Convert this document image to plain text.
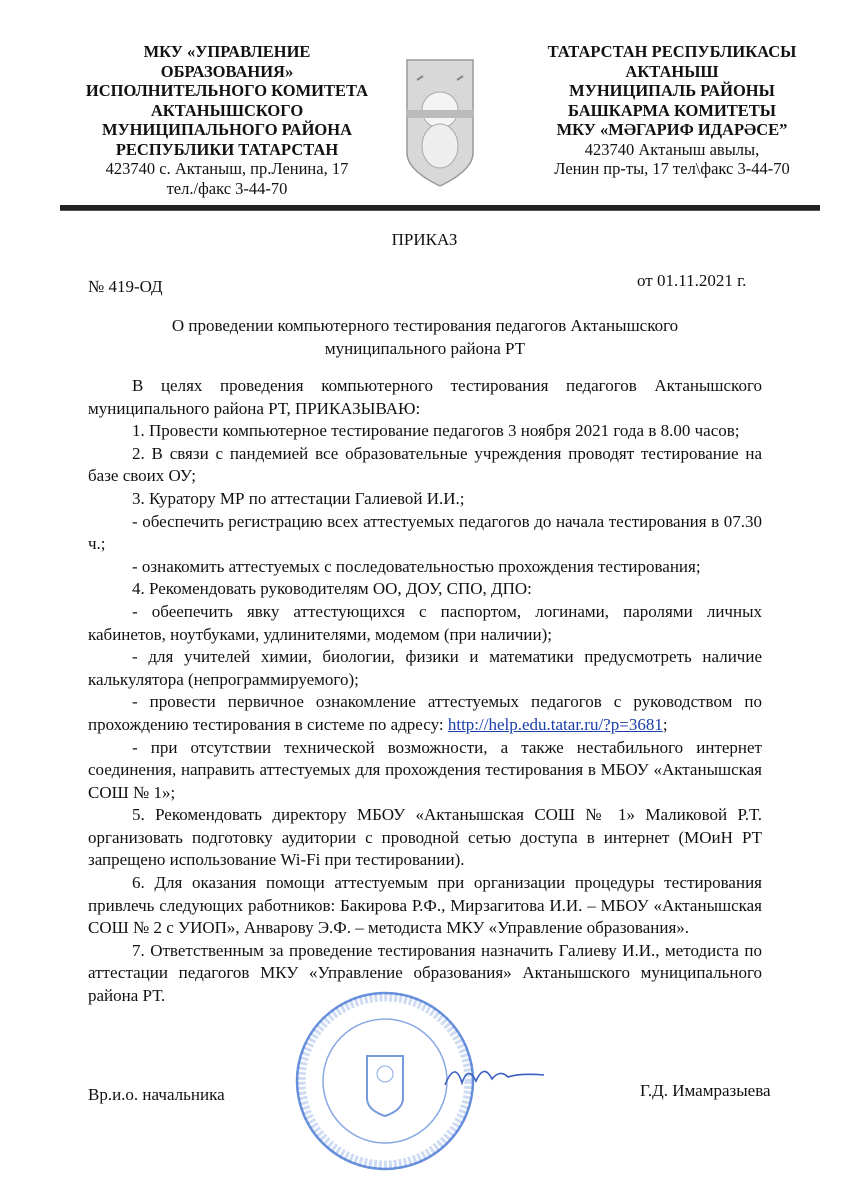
МКУ «УПРАВЛЕНИЕ
ОБРАЗОВАНИЯ»
ИСПОЛНИТЕЛЬНОГО КОМИТЕТА
АКТАНЫШСКОГО
МУНИЦИПАЛЬНОГО РАЙОНА
РЕСПУБЛИКИ ТАТАРСТАН
423740 с. Актаныш, пр.Ленина, 17
тел./факс 3-44-70
ТАТАРСТАН РЕСПУБЛИКАСЫ
АКТАНЫШ
МУНИЦИПАЛЬ РАЙОНЫ
БАШКАРМА КОМИТЕТЫ
МКУ «МӘГАРИФ ИДАРӘСЕ”
423740 Актаныш авылы,
Ленин пр-ты, 17 тел\факс 3-44-70
ПРИКАЗ
№ 419-ОД	от 01.11.2021 г.
О проведении компьютерного тестирования педагогов Актанышского муниципального района РТ

В целях проведения компьютерного тестирования педагогов Актанышского муниципального района РТ, ПРИКАЗЫВАЮ:

1. Провести компьютерное тестирование педагогов 3 ноября 2021 года в 8.00 часов;

2. В связи с пандемией все образовательные учреждения проводят тестирование на базе своих ОУ;

3. Куратору МР по аттестации Галиевой И.И.;

- обеспечить регистрацию всех аттестуемых педагогов до начала тестирования в 07.30 ч.;

- ознакомить аттестуемых с последовательностью прохождения тестирования;

4. Рекомендовать руководителям ОО, ДОУ, СПО, ДПО:

- обеепечить явку аттестующихся с паспортом, логинами, паролями личных кабинетов, ноутбуками, удлинителями, модемом (при наличии);

- для учителей химии, биологии, физики и математики предусмотреть наличие калькулятора (непрограммируемого);

- провести первичное ознакомление аттестуемых педагогов с руководством по прохождению тестирования в системе по адресу: http://help.edu.tatar.ru/?p=3681;

- при отсутствии технической возможности, а также нестабильного интернет соединения, направить аттестуемых для прохождения тестирования в МБОУ «Актанышская СОШ № 1»;

5. Рекомендовать директору МБОУ «Актанышская СОШ № 1» Маликовой Р.Т. организовать подготовку аудитории с проводной сетью доступа в интернет (МОиН РТ запрещено использование Wi-Fi при тестировании).

6. Для оказания помощи аттестуемым при организации процедуры тестирования привлечь следующих работников: Бакирова Р.Ф., Мирзагитова И.И. – МБОУ «Актанышская СОШ № 2 с УИОП», Анварову Э.Ф. – методиста МКУ «Управление образования».

7. Ответственным за проведение тестирования назначить Галиеву И.И., методиста по аттестации педагогов МКУ «Управление образования» Актанышского муниципального района РТ.

Вр.и.о. начальника	Г.Д. Имамразыева
